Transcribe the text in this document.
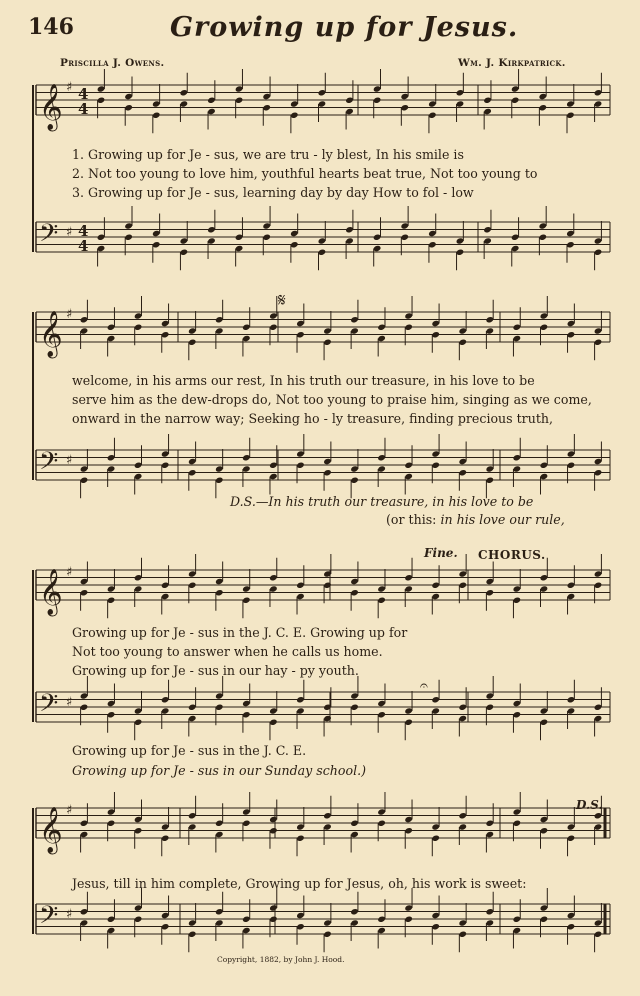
146	Growing up for Jesus.
Priscilla J. Owens.	Wm. J. Kirkpatrick.
𝄞 ♯ 4
4
𝄢 ♯ 4
4
𝄞 ♯
𝄢 ♯
𝄞 ♯
𝄢 ♯
𝄞 ♯
𝄢 ♯
𝄋
𝄐
1. Growing up for Je - sus, we are tru - ly blest, In his smile is
2. Not too young to love him, youthful hearts beat true, Not too young to
3. Growing up for Je - sus, learning day by day How to fol - low
welcome, in his arms our rest, In his truth our treasure, in his love to be
serve him as the dew-drops do, Not too young to praise him, singing as we come,
onward in the narrow way; Seeking ho - ly treasure, finding precious truth,
D.S.—In his truth our treasure, in his love to be
(or this: in his love our rule,
Fine. CHORUS.
Growing up for Je - sus in the J. C. E. Growing up for
Not too young to answer when he calls us home.
Growing up for Je - sus in our hay - py youth.
Growing up for Je - sus in the J. C. E.
Growing up for Je - sus in our Sunday school.)
D.S.
Jesus, till in him complete, Growing up for Jesus, oh, his work is sweet:
Copyright, 1882, by John J. Hood.
